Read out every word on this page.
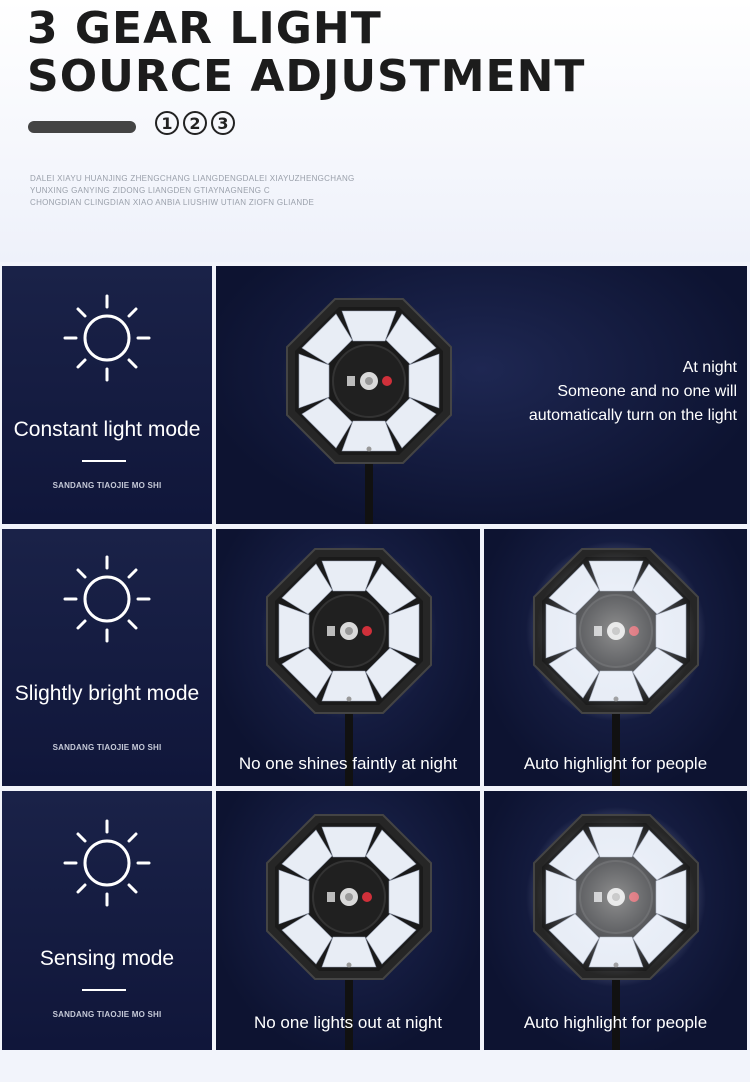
3 GEAR LIGHT
SOURCE ADJUSTMENT
1	2	3
DALEI XIAYU HUANJING ZHENGCHANG LIANGDENGDALEI XIAYUZHENGCHANG
YUNXING GANYING ZIDONG LIANGDEN GTIAYNAGNENG C
CHONGDIAN CLINGDIAN XIAO ANBIA LIUSHIW UTIAN ZIOFN GLIANDE
Constant light mode
SANDANG TIAOJIE MO SHI
At night
Someone and no one will
automatically turn on the light
Slightly bright mode
SANDANG TIAOJIE MO SHI
No one shines faintly at night	Auto highlight for people
Sensing mode
SANDANG TIAOJIE MO SHI	No one lights out at night	Auto highlight for people
